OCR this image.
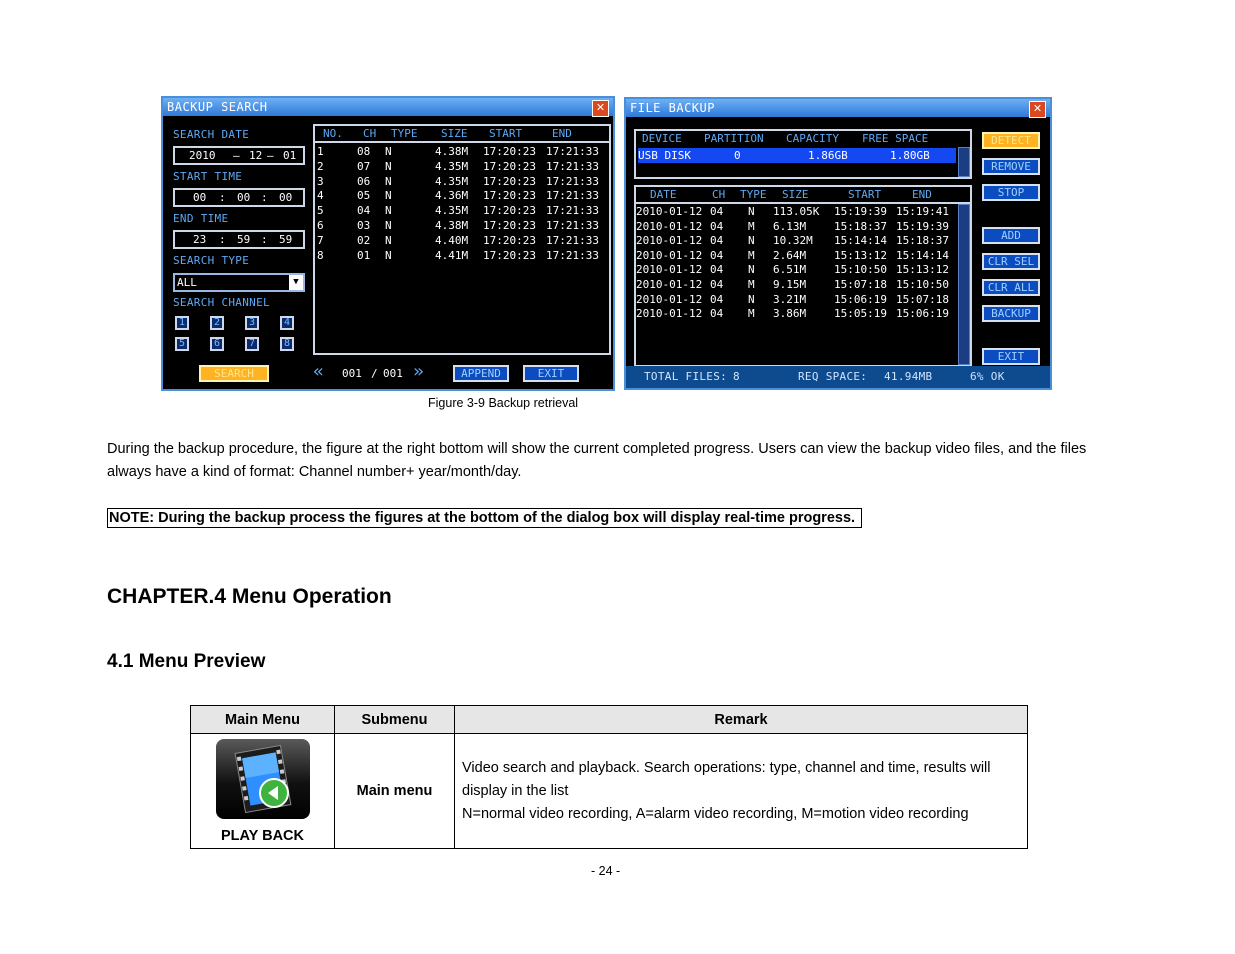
BACKUP SEARCH	✕
SEARCH DATE
2010 – 12 – 01
START TIME
00 : 00 : 00
END TIME
23 : 59 : 59
SEARCH TYPE
ALL	▼
SEARCH CHANNEL
1	2	3	4
5	6	7	8
NO. CH TYPE SIZE START	END
1	08 N	4.38M 17:20:23 17:21:33
2	07 N	4.35M 17:20:23 17:21:33
3	06 N	4.35M 17:20:23 17:21:33
4	05 N	4.36M 17:20:23 17:21:33
5	04 N	4.35M 17:20:23 17:21:33
6	03 N	4.38M 17:20:23 17:21:33
7	02 N	4.40M 17:20:23 17:21:33
8	01 N	4.41M 17:20:23 17:21:33
SEARCH	« 001 / 001 »	APPEND	EXIT
FILE BACKUP	✕
DEVICE PARTITION CAPACITY FREE SPACE
USB DISK	0	1.86GB	1.80GB
DATE	CH TYPE SIZE	START	END
2010-01-12 04 N 113.05K 15:19:39 15:19:41
2010-01-12 04 M 6.13M	15:18:37 15:19:39
2010-01-12 04 N 10.32M 15:14:14 15:18:37
2010-01-12 04 M 2.64M	15:13:12 15:14:14
2010-01-12 04 N 6.51M	15:10:50 15:13:12
2010-01-12 04 M 9.15M	15:07:18 15:10:50
2010-01-12 04 N 3.21M	15:06:19 15:07:18
2010-01-12 04 M 3.86M	15:05:19 15:06:19
DETECT
REMOVE
STOP
ADD
CLR SEL
CLR ALL
BACKUP
EXIT
TOTAL FILES: 8	REQ SPACE: 41.94MB	6% OK
Figure 3-9 Backup retrieval
During the backup procedure, the figure at the right bottom will show the current completed progress. Users can view the backup video files, and the files always have a kind of format: Channel number+ year/month/day.
NOTE: During the backup process the figures at the bottom of the dialog box will display real-time progress.
CHAPTER.4 Menu Operation
4.1 Menu Preview
Main Menu	Submenu	Remark

PLAY BACK	Main menu	Video search and playback. Search operations: type, channel and time, results will
display in the list
N=normal video recording, A=alarm video recording, M=motion video recording
- 24 -
